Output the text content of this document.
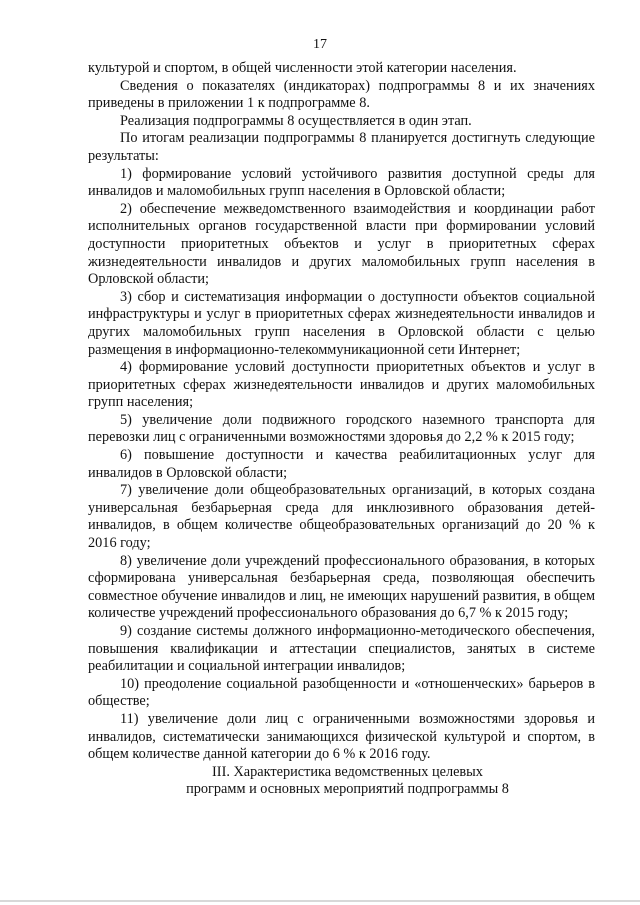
17

культурой и спортом, в общей численности этой категории населения.

Сведения о показателях (индикаторах) подпрограммы 8 и их значениях приведены в приложении 1 к подпрограмме 8.

Реализация подпрограммы 8 осуществляется в один этап.

По итогам реализации подпрограммы 8 планируется достигнуть следующие результаты:

1) формирование условий устойчивого развития доступной среды для инвалидов и маломобильных групп населения в Орловской области;

2) обеспечение межведомственного взаимодействия и координации работ исполнительных органов государственной власти при формировании условий доступности приоритетных объектов и услуг в приоритетных сферах жизнедеятельности инвалидов и других маломобильных групп населения в Орловской области;

3) сбор и систематизация информации о доступности объектов социальной инфраструктуры и услуг в приоритетных сферах жизнедеятельности инвалидов и других маломобильных групп населения в Орловской области с целью размещения в информационно-телекоммуникационной сети Интернет;

4) формирование условий доступности приоритетных объектов и услуг в приоритетных сферах жизнедеятельности инвалидов и других маломобильных групп населения;

5) увеличение доли подвижного городского наземного транспорта для перевозки лиц с ограниченными возможностями здоровья до 2,2 % к 2015 году;

6) повышение доступности и качества реабилитационных услуг для инвалидов в Орловской области;

7) увеличение доли общеобразовательных организаций, в которых создана универсальная безбарьерная среда для инклюзивного образования детей-инвалидов, в общем количестве общеобразовательных организаций до 20 % к 2016 году;

8) увеличение доли учреждений профессионального образования, в которых сформирована универсальная безбарьерная среда, позволяющая обеспечить совместное обучение инвалидов и лиц, не имеющих нарушений развития, в общем количестве учреждений профессионального образования до 6,7 % к 2015 году;

9) создание системы должного информационно-методического обеспечения, повышения квалификации и аттестации специалистов, занятых в системе реабилитации и социальной интеграции инвалидов;

10) преодоление социальной разобщенности и «отношенческих» барьеров в обществе;

11) увеличение доли лиц с ограниченными возможностями здоровья и инвалидов, систематически занимающихся физической культурой и спортом, в общем количестве данной категории до 6 % к 2016 году.

III. Характеристика ведомственных целевых
программ и основных мероприятий подпрограммы 8
